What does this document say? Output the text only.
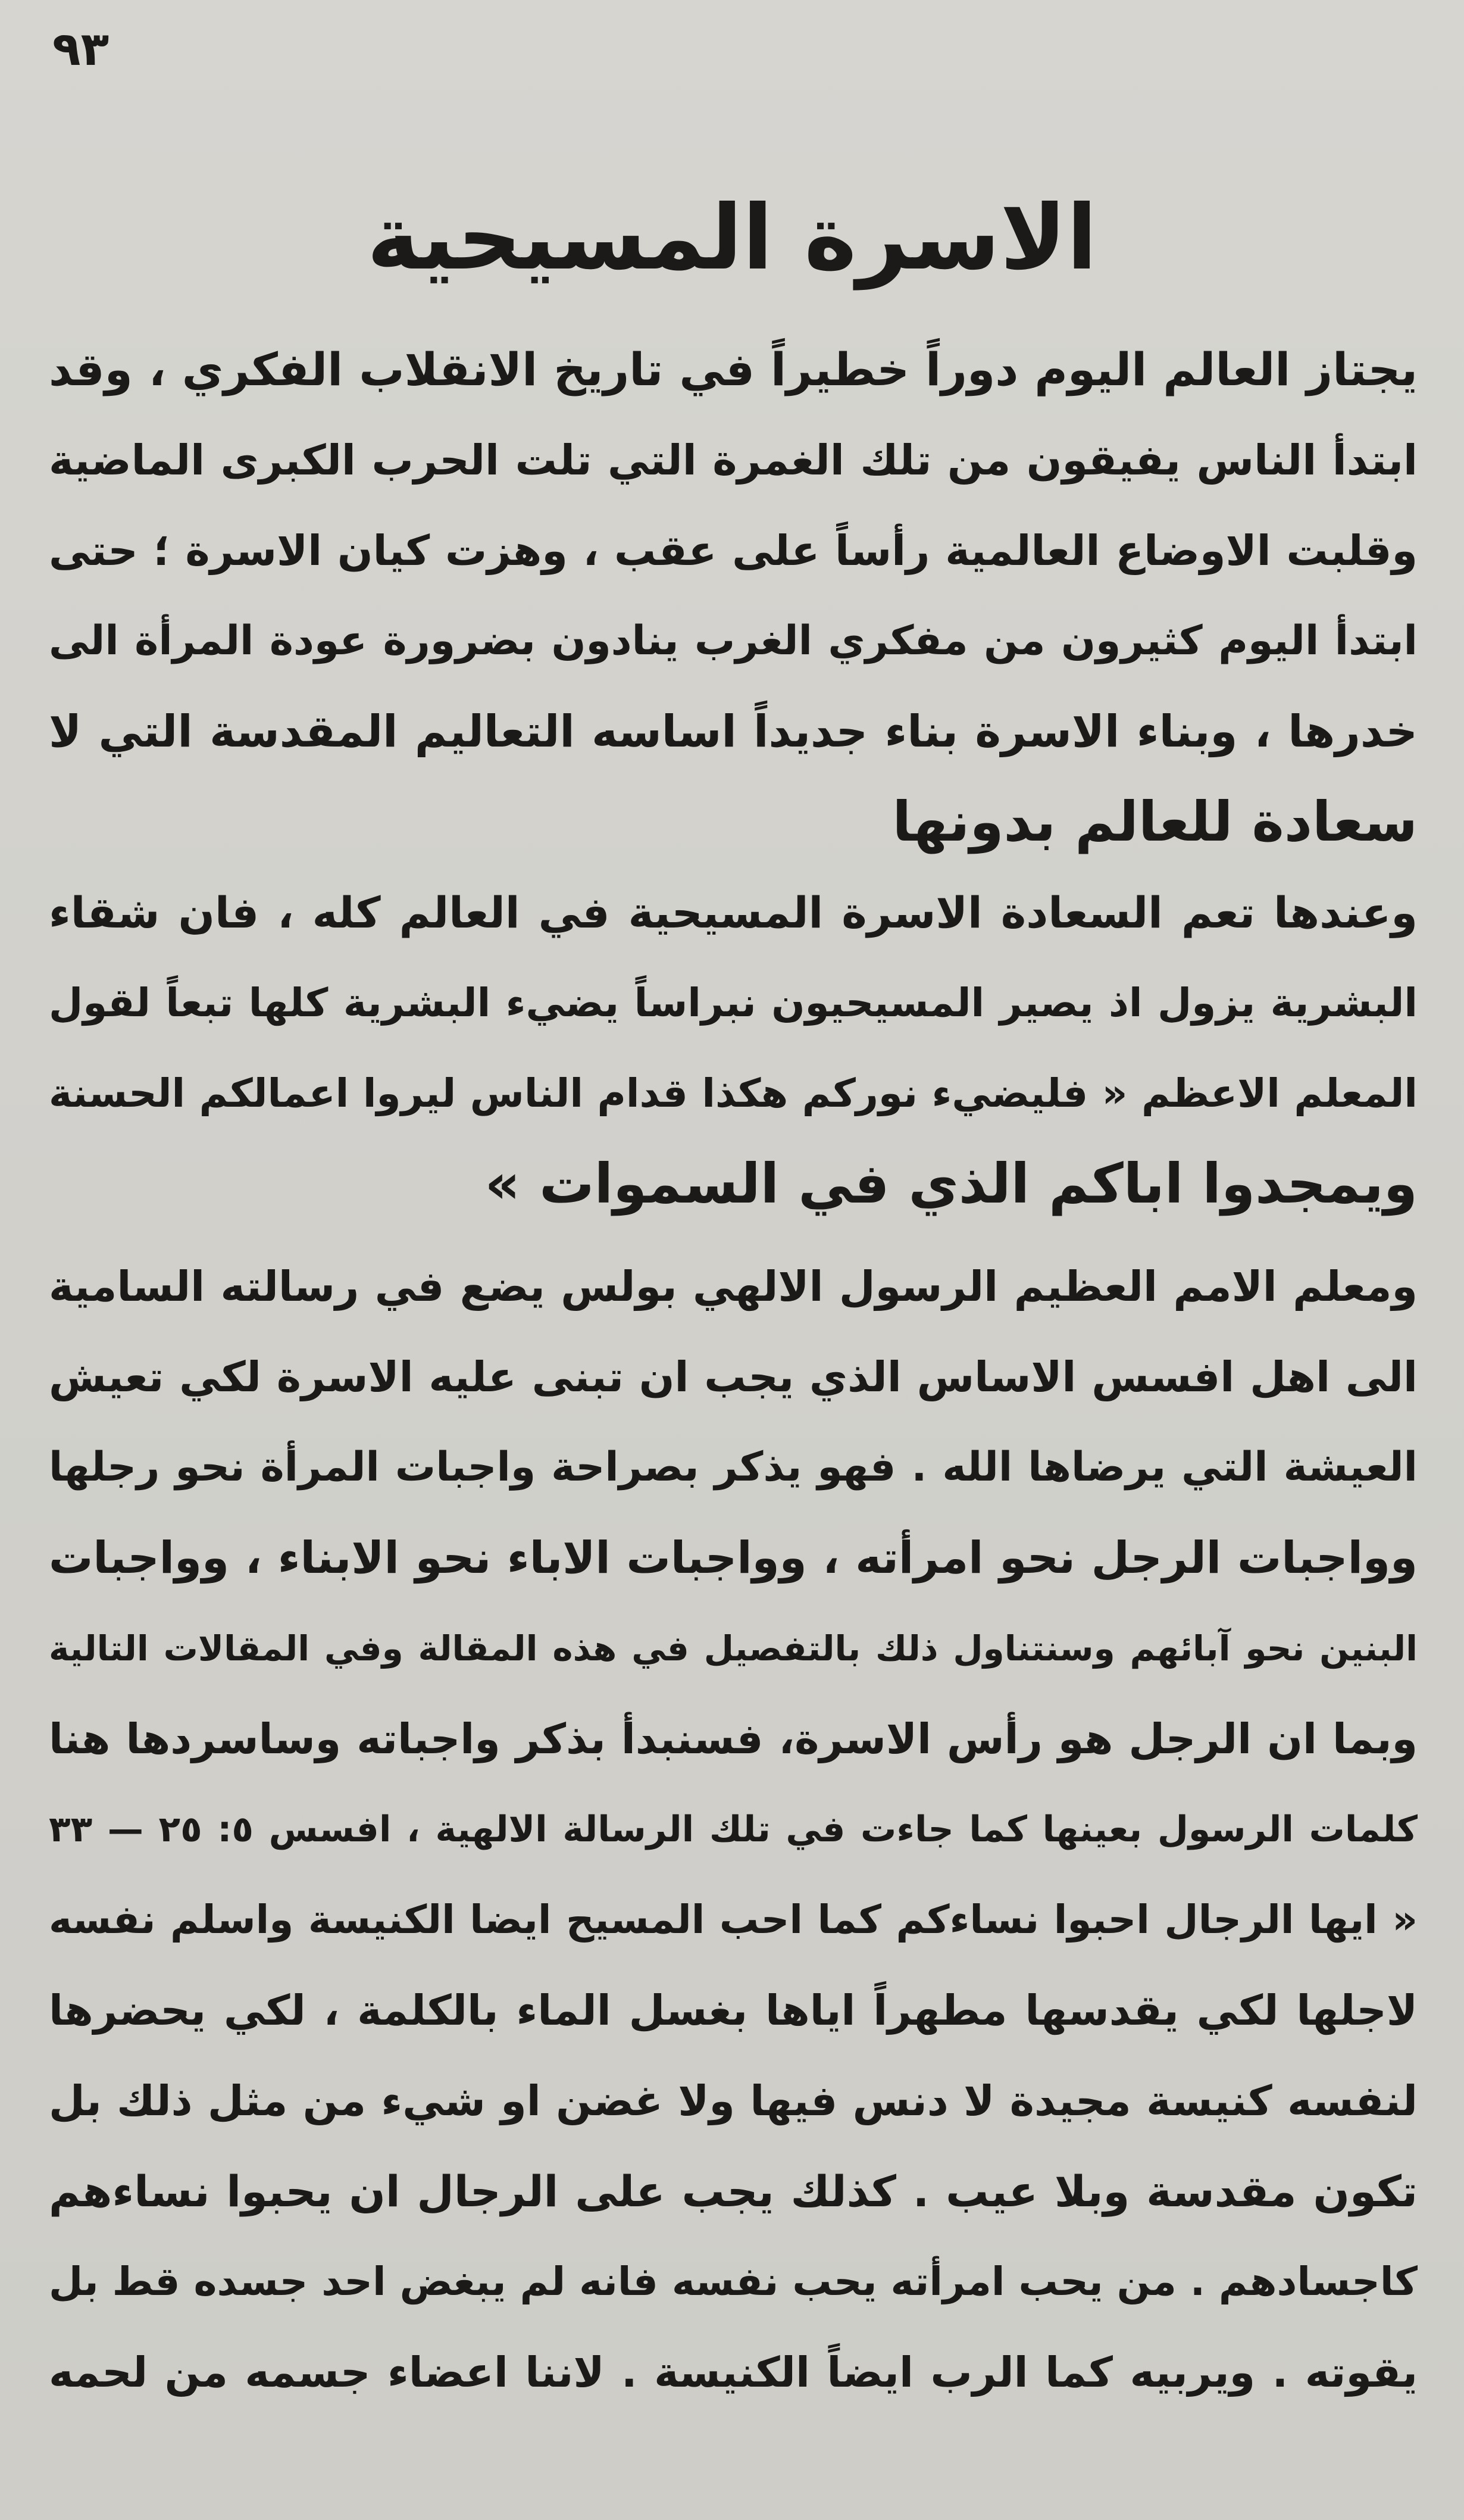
٩٣
الاسرة المسيحية

يجتاز العالم اليوم دوراً خطيراً في تاريخ الانقلاب الفكري ، وقد
ابتدأ الناس يفيقون من تلك الغمرة التي تلت الحرب الكبرى الماضية
وقلبت الاوضاع العالمية رأساً على عقب ، وهزت كيان الاسرة ؛ حتى
ابتدأ اليوم كثيرون من مفكري الغرب ينادون بضرورة عودة المرأة الى
خدرها ، وبناء الاسرة بناء جديداً اساسه التعاليم المقدسة التي لا
سعادة للعالم بدونها

وعندها تعم السعادة الاسرة المسيحية في العالم كله ، فان شقاء
البشرية يزول اذ يصير المسيحيون نبراساً يضيء البشرية كلها تبعاً لقول
المعلم الاعظم « فليضيء نوركم هكذا قدام الناس ليروا اعمالكم الحسنة
ويمجدوا اباكم الذي في السموات »

ومعلم الامم العظيم الرسول الالهي بولس يضع في رسالته السامية
الى اهل افسس الاساس الذي يجب ان تبنى عليه الاسرة لكي تعيش
العيشة التي يرضاها الله . فهو يذكر بصراحة واجبات المرأة نحو رجلها
وواجبات الرجل نحو امرأته ، وواجبات الاباء نحو الابناء ، وواجبات
البنين نحو آبائهم وسنتناول ذلك بالتفصيل في هذه المقالة وفي المقالات التالية
وبما ان الرجل هو رأس الاسرة، فسنبدأ بذكر واجباته وساسردها هنا
كلمات الرسول بعينها كما جاءت في تلك الرسالة الالهية ، افسس ٥: ٢٥ — ٣٣

« ايها الرجال احبوا نساءكم كما احب المسيح ايضا الكنيسة واسلم نفسه
لاجلها لكي يقدسها مطهراً اياها بغسل الماء بالكلمة ، لكي يحضرها
لنفسه كنيسة مجيدة لا دنس فيها ولا غضن او شيء من مثل ذلك بل
تكون مقدسة وبلا عيب . كذلك يجب على الرجال ان يحبوا نساءهم
كاجسادهم . من يحب امرأته يحب نفسه فانه لم يبغض احد جسده قط بل
يقوته . ويربيه كما الرب ايضاً الكنيسة . لاننا اعضاء جسمه من لحمه
